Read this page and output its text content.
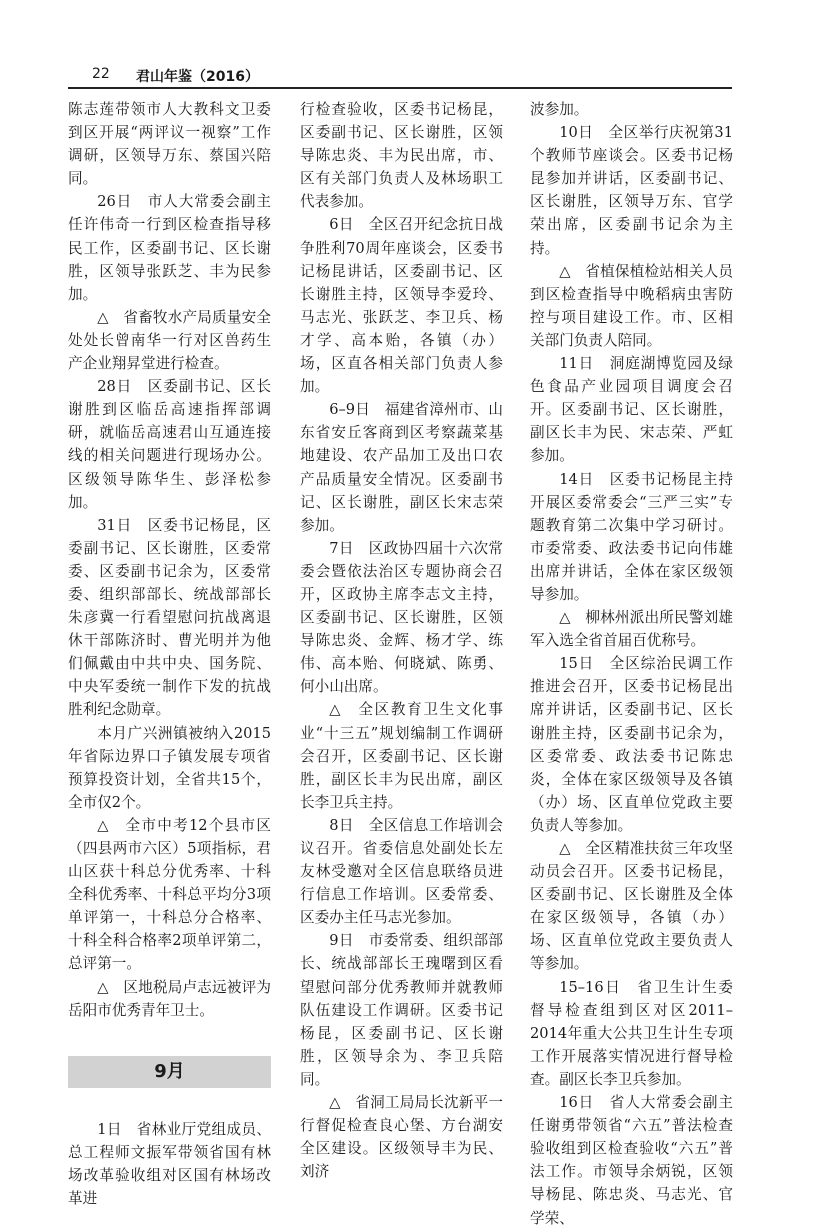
22 君山年鉴（2016）

陈志莲带领市人大教科文卫委到区开展“两评议一视察”工作调研，区领导万东、蔡国兴陪同。

26日　市人大常委会副主任许伟奇一行到区检查指导移民工作，区委副书记、区长谢胜，区领导张跃芝、丰为民参加。

△　省畜牧水产局质量安全处处长曾南华一行对区兽药生产企业翔昇堂进行检查。

28日　区委副书记、区长谢胜到区临岳高速指挥部调研，就临岳高速君山互通连接线的相关问题进行现场办公。区级领导陈华生、彭泽松参加。

31日　区委书记杨昆，区委副书记、区长谢胜，区委常委、区委副书记余为，区委常委、组织部部长、统战部部长朱彦冀一行看望慰问抗战离退休干部陈济时、曹光明并为他们佩戴由中共中央、国务院、中央军委统一制作下发的抗战胜利纪念勋章。

本月广兴洲镇被纳入2015年省际边界口子镇发展专项省预算投资计划，全省共15个，全市仅2个。

△　全市中考12个县市区（四县两市六区）5项指标，君山区获十科总分优秀率、十科全科优秀率、十科总平均分3项单评第一，十科总分合格率、十科全科合格率2项单评第二，总评第一。

△　区地税局卢志远被评为岳阳市优秀青年卫士。

9月

1日　省林业厅党组成员、总工程师文振军带领省国有林场改革验收组对区国有林场改革进

行检查验收，区委书记杨昆，区委副书记、区长谢胜，区领导陈忠炎、丰为民出席，市、区有关部门负责人及林场职工代表参加。

6日　全区召开纪念抗日战争胜利70周年座谈会，区委书记杨昆讲话，区委副书记、区长谢胜主持，区领导李爱玲、马志光、张跃芝、李卫兵、杨才学、高本贻，各镇（办）场，区直各相关部门负责人参加。

6–9日　福建省漳州市、山东省安丘客商到区考察蔬菜基地建设、农产品加工及出口农产品质量安全情况。区委副书记、区长谢胜，副区长宋志荣参加。

7日　区政协四届十六次常委会暨依法治区专题协商会召开，区政协主席李志文主持，区委副书记、区长谢胜，区领导陈忠炎、金辉、杨才学、练伟、高本贻、何晓斌、陈勇、何小山出席。

△　全区教育卫生文化事业“十三五”规划编制工作调研会召开，区委副书记、区长谢胜，副区长丰为民出席，副区长李卫兵主持。

8日　全区信息工作培训会议召开。省委信息处副处长左友林受邀对全区信息联络员进行信息工作培训。区委常委、区委办主任马志光参加。

9日　市委常委、组织部部长、统战部部长王瑰曙到区看望慰问部分优秀教师并就教师队伍建设工作调研。区委书记杨昆，区委副书记、区长谢胜，区领导余为、李卫兵陪同。

△　省洞工局局长沈新平一行督促检查良心堡、方台湖安全区建设。区级领导丰为民、刘济

波参加。

10日　全区举行庆祝第31个教师节座谈会。区委书记杨昆参加并讲话，区委副书记、区长谢胜，区领导万东、官学荣出席，区委副书记余为主持。

△　省植保植检站相关人员到区检查指导中晚稻病虫害防控与项目建设工作。市、区相关部门负责人陪同。

11日　洞庭湖博览园及绿色食品产业园项目调度会召开。区委副书记、区长谢胜，副区长丰为民、宋志荣、严虹参加。

14日　区委书记杨昆主持开展区委常委会“三严三实”专题教育第二次集中学习研讨。市委常委、政法委书记向伟雄出席并讲话，全体在家区级领导参加。

△　柳林州派出所民警刘雄军入选全省首届百优称号。

15日　全区综治民调工作推进会召开，区委书记杨昆出席并讲话，区委副书记、区长谢胜主持，区委副书记余为，区委常委、政法委书记陈忠炎，全体在家区级领导及各镇（办）场、区直单位党政主要负责人等参加。

△　全区精准扶贫三年攻坚动员会召开。区委书记杨昆，区委副书记、区长谢胜及全体在家区级领导，各镇（办）场、区直单位党政主要负责人等参加。

15–16日　省卫生计生委督导检查组到区对区2011–2014年重大公共卫生计生专项工作开展落实情况进行督导检查。副区长李卫兵参加。

16日　省人大常委会副主任谢勇带领省“六五”普法检查验收组到区检查验收“六五”普法工作。市领导余炳锐，区领导杨昆、陈忠炎、马志光、官学荣、
